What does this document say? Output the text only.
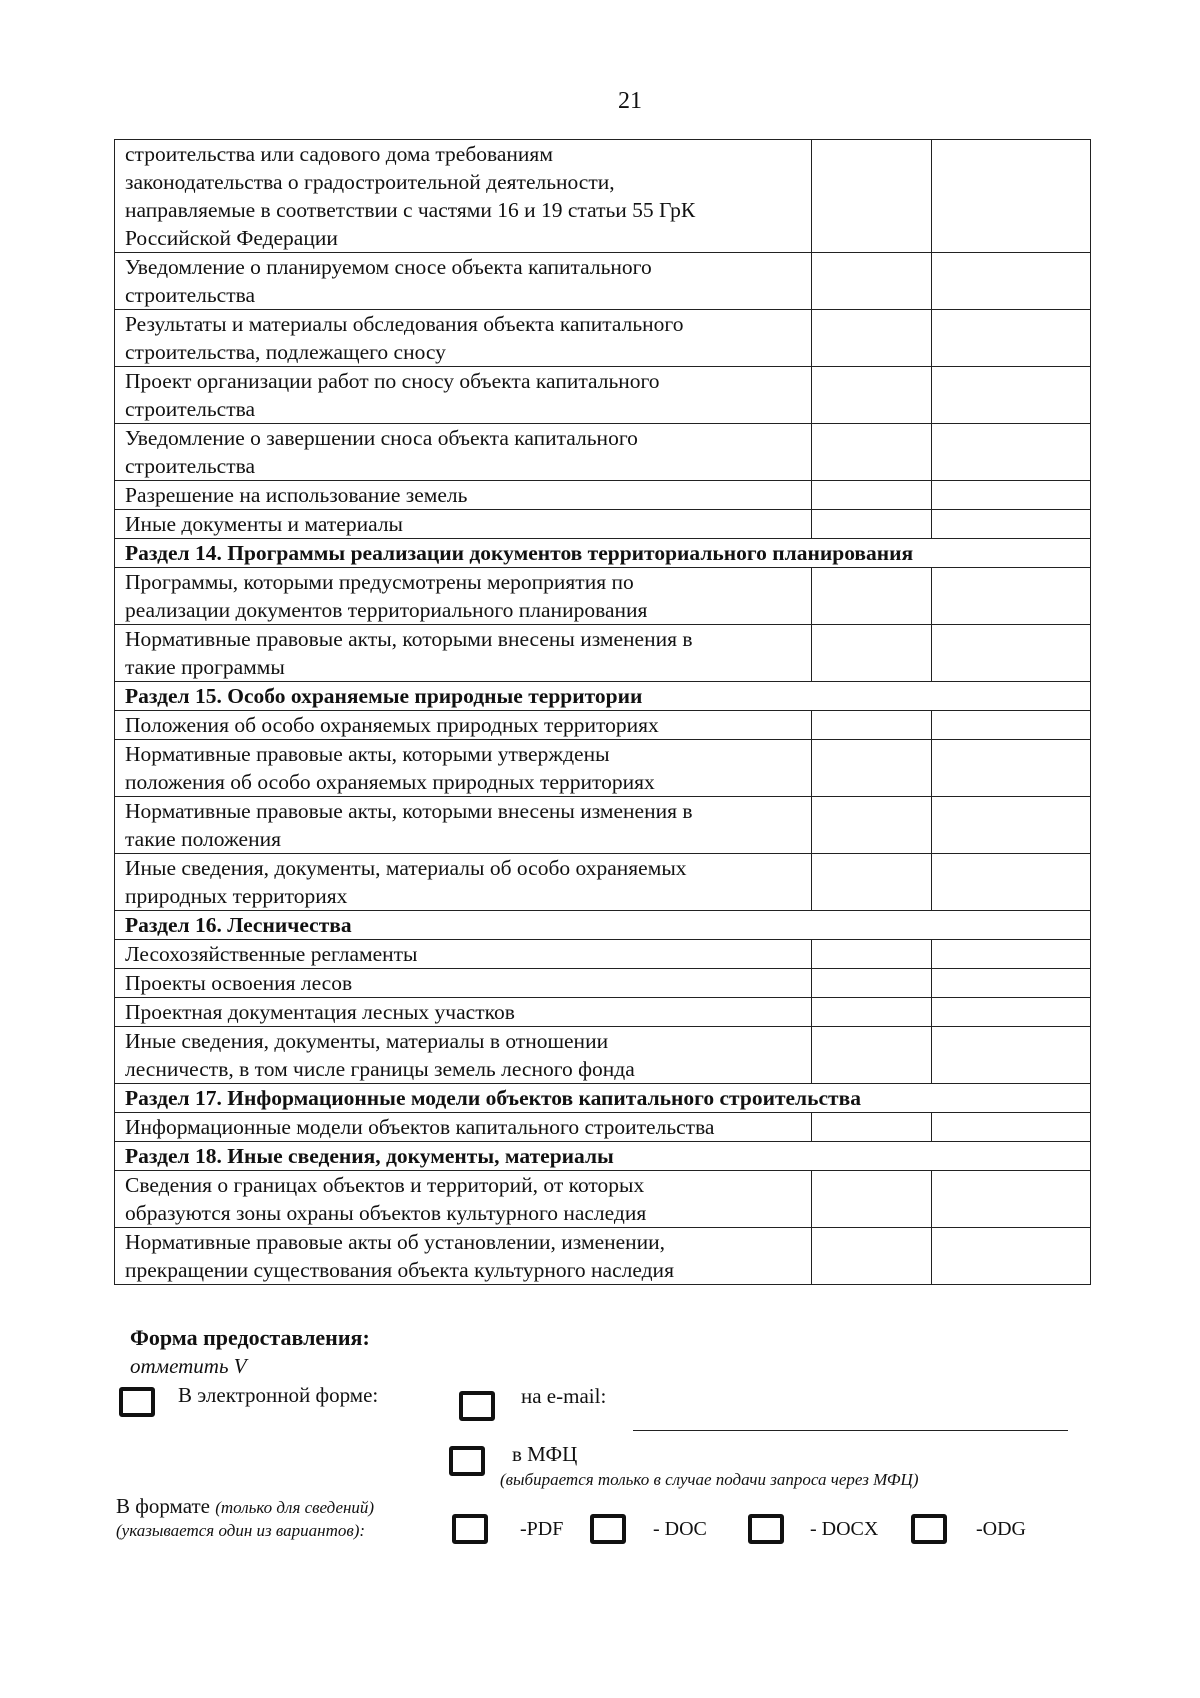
21
строительства или садового дома требованиям
законодательства о градостроительной деятельности,
направляемые в соответствии с частями 16 и 19 статьи 55 ГрК
Российской Федерации		

Уведомление о планируемом сносе объекта капитального
строительства		

Результаты и материалы обследования объекта капитального
строительства, подлежащего сносу		

Проект организации работ по сносу объекта капитального
строительства		

Уведомление о завершении сноса объекта капитального
строительства		

Разрешение на использование земель		

Иные документы и материалы		

Раздел 14. Программы реализации документов территориального планирования		

Программы, которыми предусмотрены мероприятия по
реализации документов территориального планирования		

Нормативные правовые акты, которыми внесены изменения в
такие программы		

Раздел 15. Особо охраняемые природные территории		

Положения об особо охраняемых природных территориях		

Нормативные правовые акты, которыми утверждены
положения об особо охраняемых природных территориях		

Нормативные правовые акты, которыми внесены изменения в
такие положения		

Иные сведения, документы, материалы об особо охраняемых
природных территориях		

Раздел 16. Лесничества		

Лесохозяйственные регламенты		

Проекты освоения лесов		

Проектная документация лесных участков		

Иные сведения, документы, материалы в отношении
лесничеств, в том числе границы земель лесного фонда		

Раздел 17. Информационные модели объектов капитального строительства		

Информационные модели объектов капитального строительства		

Раздел 18. Иные сведения, документы, материалы		

Сведения о границах объектов и территорий, от которых
образуются зоны охраны объектов культурного наследия		

Нормативные правовые акты об установлении, изменении,
прекращении существования объекта культурного наследия		

Форма предоставления:
отметить V
В электронной форме:	на e-mail:
в МФЦ
(выбирается только в случае подачи запроса через МФЦ)
В формате (только для сведений)
(указывается один из вариантов):	-PDF	- DOC	- DOCX	-ODG
